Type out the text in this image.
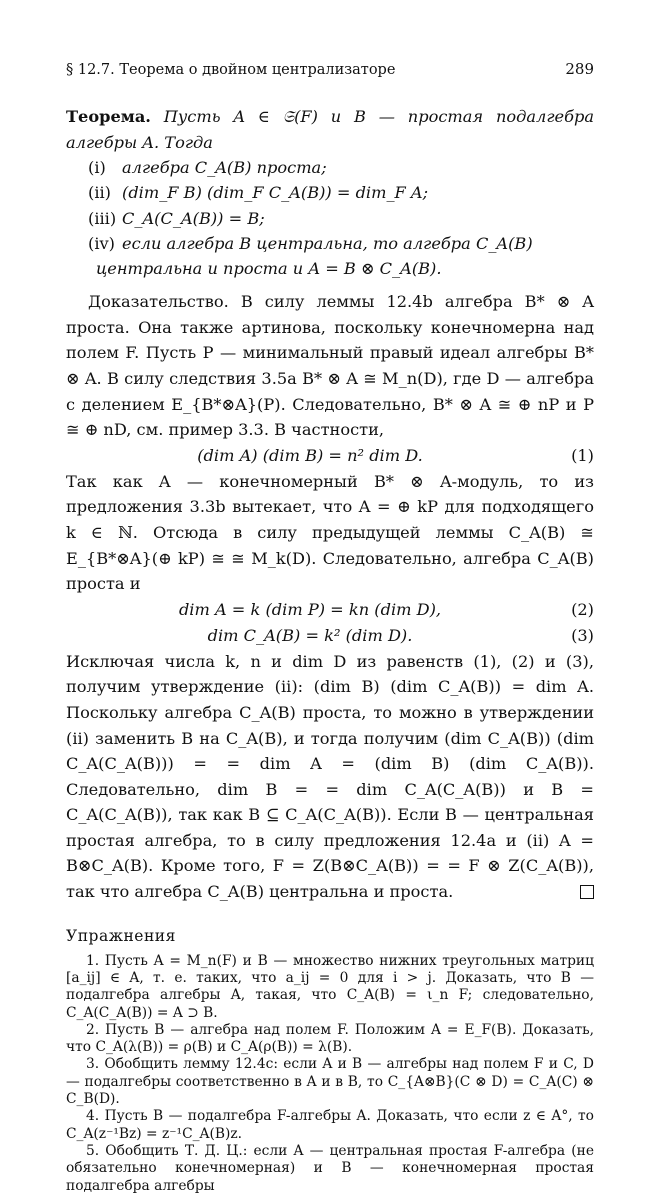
§ 12.7. Теорема о двойном централизаторе	289
Теорема. Пусть A ∈ 𝔖(F) и B — простая подалгебра алгебры A. Тогда
(i) алгебра C_A(B) проста;
(ii) (dim_F B) (dim_F C_A(B)) = dim_F A;
(iii) C_A(C_A(B)) = B;
(iv) если алгебра B центральна, то алгебра C_A(B) центральна и проста и A = B ⊗ C_A(B).
Доказательство. В силу леммы 12.4b алгебра B* ⊗ A проста. Она также артинова, поскольку конечномерна над полем F. Пусть P — минимальный правый идеал алгебры B* ⊗ A. В силу следствия 3.5a B* ⊗ A ≅ M_n(D), где D — алгебра с делением E_{B*⊗A}(P). Следовательно, B* ⊗ A ≅ ⊕ nP и P ≅ ⊕ nD, см. пример 3.3. В частности,
(dim A) (dim B) = n² dim D.	(1)
Так как A — конечномерный B* ⊗ A-модуль, то из предложения 3.3b вытекает, что A = ⊕ kP для подходящего k ∈ ℕ. Отсюда в силу предыдущей леммы C_A(B) ≅ E_{B*⊗A}(⊕ kP) ≅ ≅ M_k(D). Следовательно, алгебра C_A(B) проста и
dim A = k (dim P) = kn (dim D),	(2)
dim C_A(B) = k² (dim D).	(3)
Исключая числа k, n и dim D из равенств (1), (2) и (3), получим утверждение (ii): (dim B) (dim C_A(B)) = dim A. Поскольку алгебра C_A(B) проста, то можно в утверждении (ii) заменить B на C_A(B), и тогда получим (dim C_A(B)) (dim C_A(C_A(B))) = = dim A = (dim B) (dim C_A(B)). Следовательно, dim B = = dim C_A(C_A(B)) и B = C_A(C_A(B)), так как B ⊆ C_A(C_A(B)). Если B — центральная простая алгебра, то в силу предложения 12.4a и (ii) A = B⊗C_A(B). Кроме того, F = Z(B⊗C_A(B)) = = F ⊗ Z(C_A(B)), так что алгебра C_A(B) центральна и проста.
Упражнения

1. Пусть A = M_n(F) и B — множество нижних треугольных матриц [a_ij] ∈ A, т. е. таких, что a_ij = 0 для i > j. Доказать, что B — подалгебра алгебры A, такая, что C_A(B) = ι_n F; следовательно, C_A(C_A(B)) = A ⊃ B.

2. Пусть B — алгебра над полем F. Положим A = E_F(B). Доказать, что C_A(λ(B)) = ρ(B) и C_A(ρ(B)) = λ(B).

3. Обобщить лемму 12.4c: если A и B — алгебры над полем F и C, D — подалгебры соответственно в A и в B, то C_{A⊗B}(C ⊗ D) = C_A(C) ⊗ C_B(D).

4. Пусть B — подалгебра F-алгебры A. Доказать, что если z ∈ A°, то C_A(z⁻¹Bz) = z⁻¹C_A(B)z.

5. Обобщить Т. Д. Ц.: если A — центральная простая F-алгебра (не обязательно конечномерная) и B — конечномерная простая подалгебра алгебры
